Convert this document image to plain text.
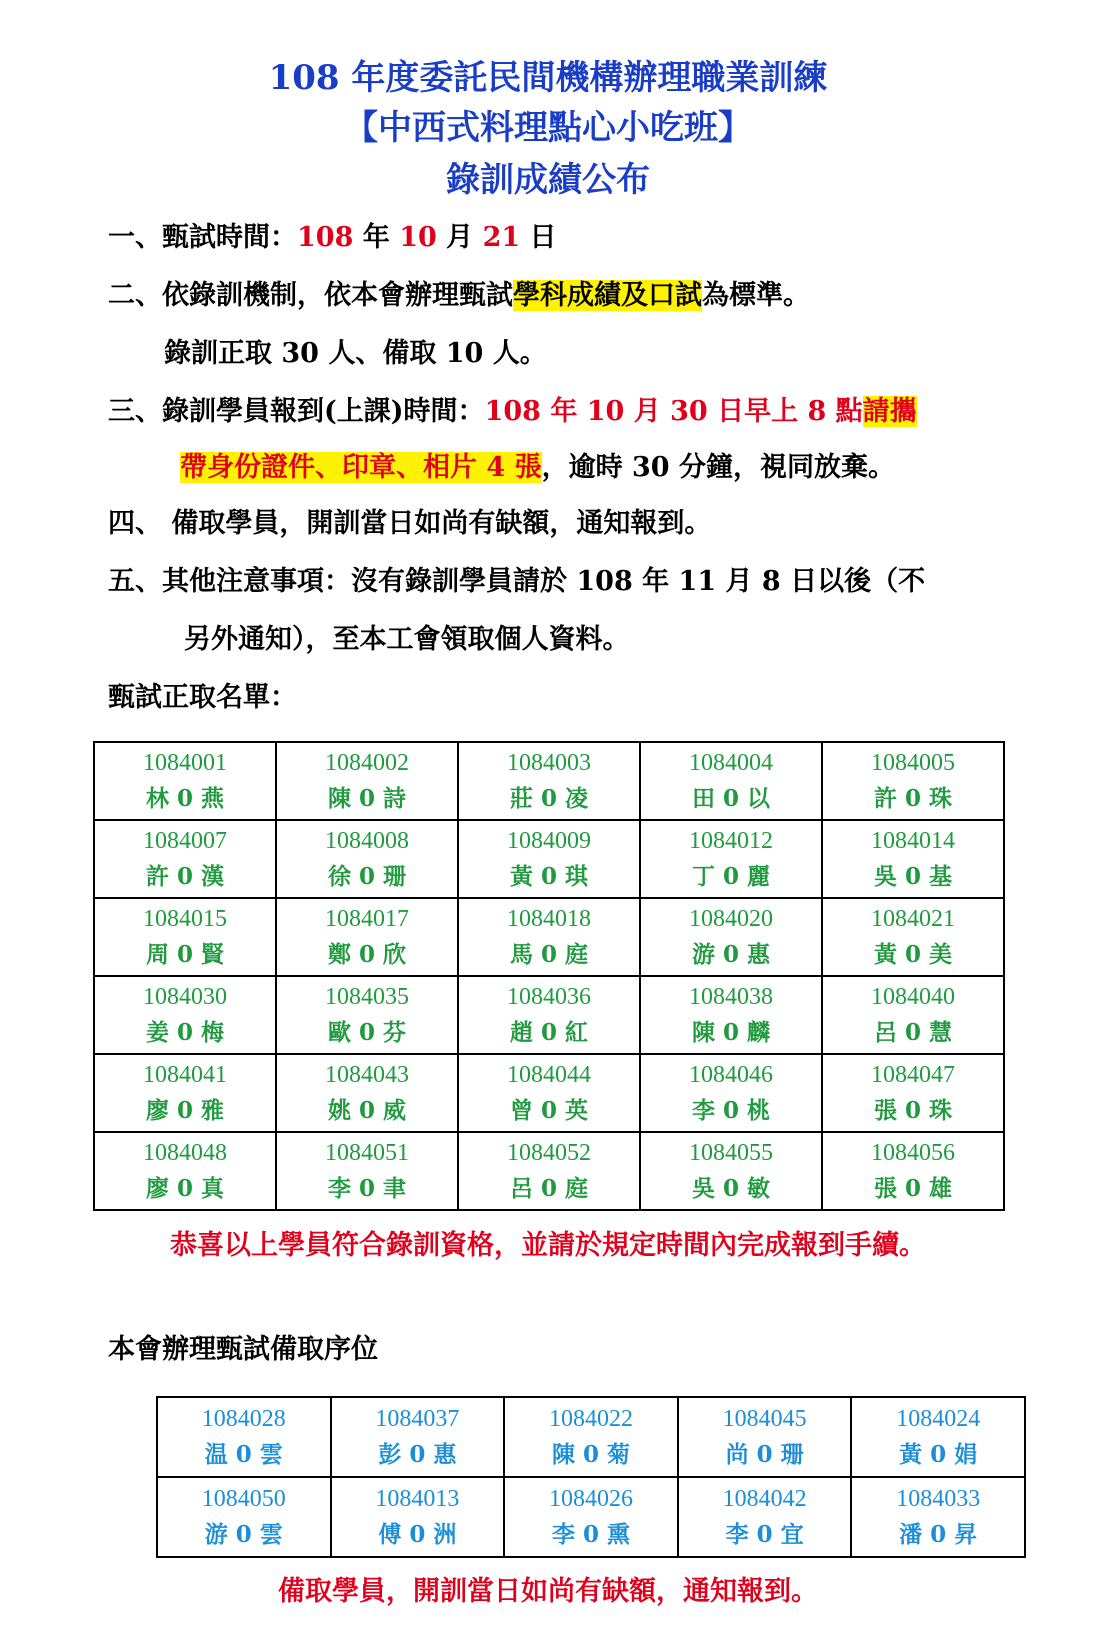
108 年度委託民間機構辦理職業訓練
【中西式料理點心小吃班】
錄訓成績公布
一、甄試時間：108 年 10 月 21 日
二、依錄訓機制，依本會辦理甄試學科成績及口試為標準。
錄訓正取 30 人、備取 10 人。
三、錄訓學員報到(上課)時間：108 年 10 月 30 日早上 8 點請攜
帶身份證件、印章、相片 4 張，逾時 30 分鐘，視同放棄。
四、 備取學員，開訓當日如尚有缺額，通知報到。
五、其他注意事項：沒有錄訓學員請於 108 年 11 月 8 日以後（不
另外通知），至本工會領取個人資料。
甄試正取名單：
1084001
林 0 燕	1084002
陳 0 詩	1084003
莊 0 凌	1084004
田 0 以	1084005
許 0 珠

1084007
許 0 漢	1084008
徐 0 珊	1084009
黃 0 琪	1084012
丁 0 麗	1084014
吳 0 基

1084015
周 0 賢	1084017
鄭 0 欣	1084018
馬 0 庭	1084020
游 0 惠	1084021
黃 0 美

1084030
姜 0 梅	1084035
歐 0 芬	1084036
趙 0 紅	1084038
陳 0 麟	1084040
呂 0 慧

1084041
廖 0 雅	1084043
姚 0 威	1084044
曾 0 英	1084046
李 0 桃	1084047
張 0 珠

1084048
廖 0 真	1084051
李 0 聿	1084052
呂 0 庭	1084055
吳 0 敏	1084056
張 0 雄
恭喜以上學員符合錄訓資格，並請於規定時間內完成報到手續。
本會辦理甄試備取序位
1084028
温 0 雲	1084037
彭 0 惠	1084022
陳 0 菊	1084045
尚 0 珊	1084024
黃 0 娟

1084050
游 0 雲	1084013
傅 0 洲	1084026
李 0 熏	1084042
李 0 宜	1084033
潘 0 昇
備取學員，開訓當日如尚有缺額，通知報到。
